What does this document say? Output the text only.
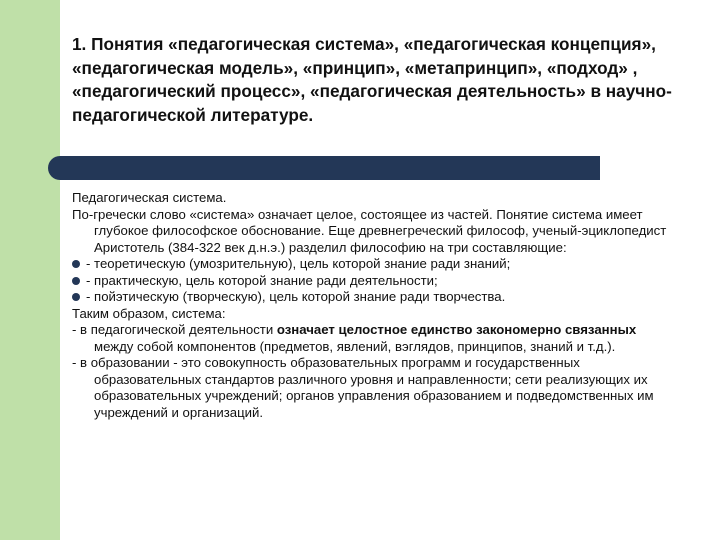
1. Понятия «педагогическая система», «педагогическая концепция», «педагогическая модель», «принцип», «метапринцип», «подход» , «педагогический процесс», «педагогическая деятельность» в научно-педагогической литературе.

Педагогическая система.

По-гречески слово «система» означает целое, состоящее из частей. Понятие система имеет глубокое философское обоснование. Еще древнегреческий философ, ученый-эциклопедист Аристотель (384-322 век д.н.э.) разделил философию на три составляющие:

- теоретическую (умозрительную), цель которой знание ради знаний;

- практическую, цель которой знание ради деятельности;

- пойэтическую (творческую), цель которой знание ради творчества.

Таким образом, система:

- в педагогической деятельности означает целостное единство закономерно связанных между собой компонентов (предметов, явлений, вэглядов, принципов, знаний и т.д.).

- в образовании - это совокупность образовательных программ и государственных образовательных стандартов различного уровня и направленности; сети реализующих их образовательных учреждений; органов управления образованием и подведомственных им учреждений и организаций.
